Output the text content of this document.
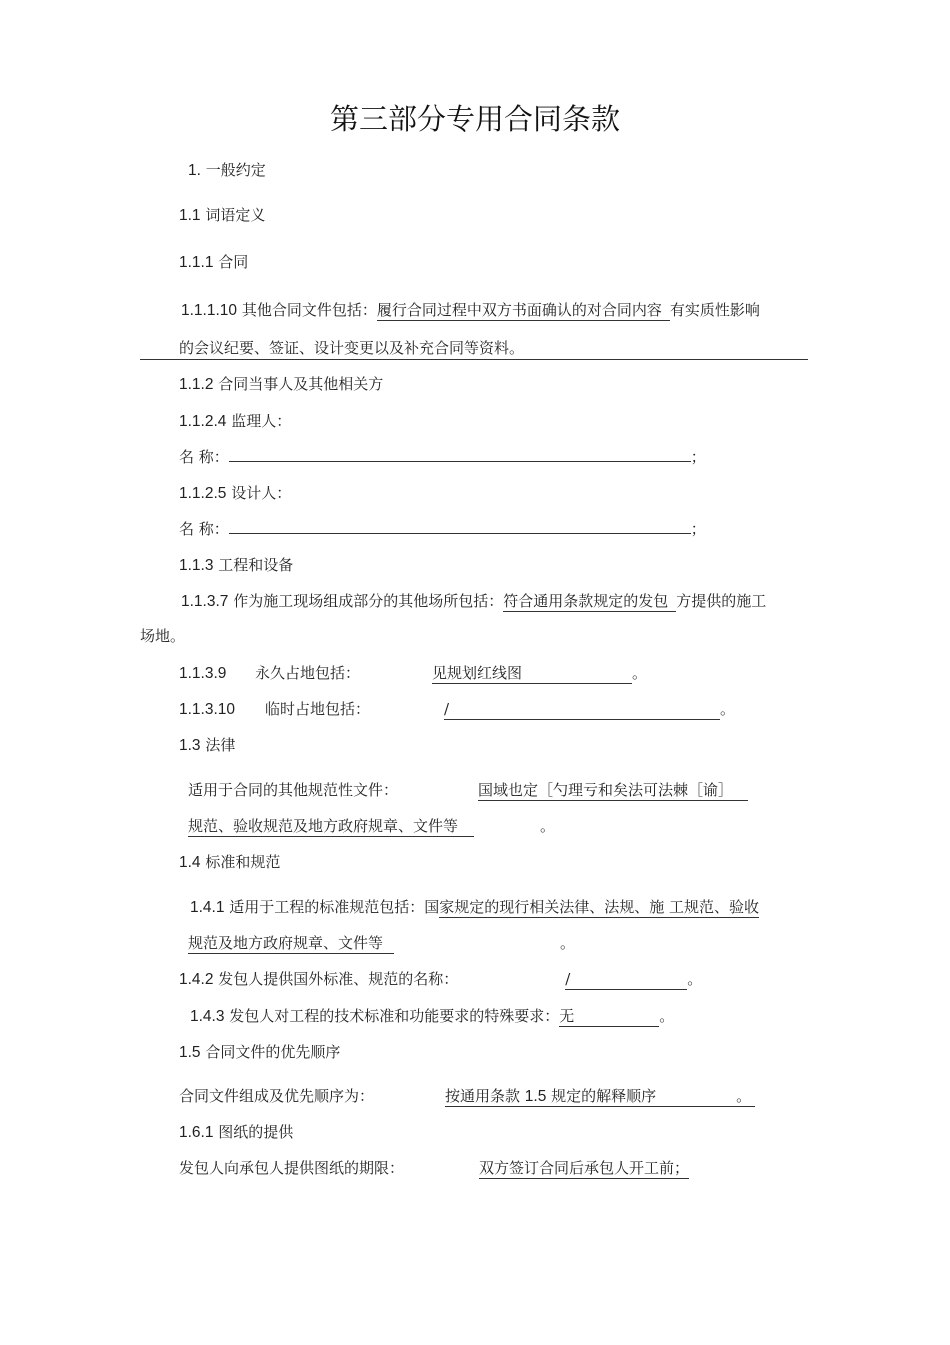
第三部分专用合同条款
1. 一般约定
1.1 词语定义
1.1.1 合同
1.1.1.10 其他合同文件包括：履行合同过程中双方书面确认的对合同内容 有实质性影响
的会议纪要、签证、设计变更以及补充合同等资料。
1.1.2 合同当事人及其他相关方
1.1.2.4 监理人：
名 称：	；
1.1.2.5 设计人：
名 称：	；
1.1.3 工程和设备
1.1.3.7 作为施工现场组成部分的其他场所包括：符合通用条款规定的发包 方提供的施工
场地。
1.1.3.9 永久占地包括：	见规划红线图	。
1.1.3.10 临时占地包括：	/	。
1.3 法律
适用于合同的其他规范性文件：	国域也定［勺理亏和矣法可法棘［谕］
规范、验收规范及地方政府规章、文件等	。
1.4 标准和规范
1.4.1 适用于工程的标准规范包括：国家规定的现行相关法律、法规、施 工规范、验收
规范及地方政府规章、文件等	。
1.4.2 发包人提供国外标准、规范的名称：	/	。
1.4.3 发包人对工程的技术标准和功能要求的特殊要求：无	。
1.5 合同文件的优先顺序
合同文件组成及优先顺序为：	按通用条款 1.5 规定的解释顺序	。
1.6.1 图纸的提供
发包人向承包人提供图纸的期限：	双方签订合同后承包人开工前；
